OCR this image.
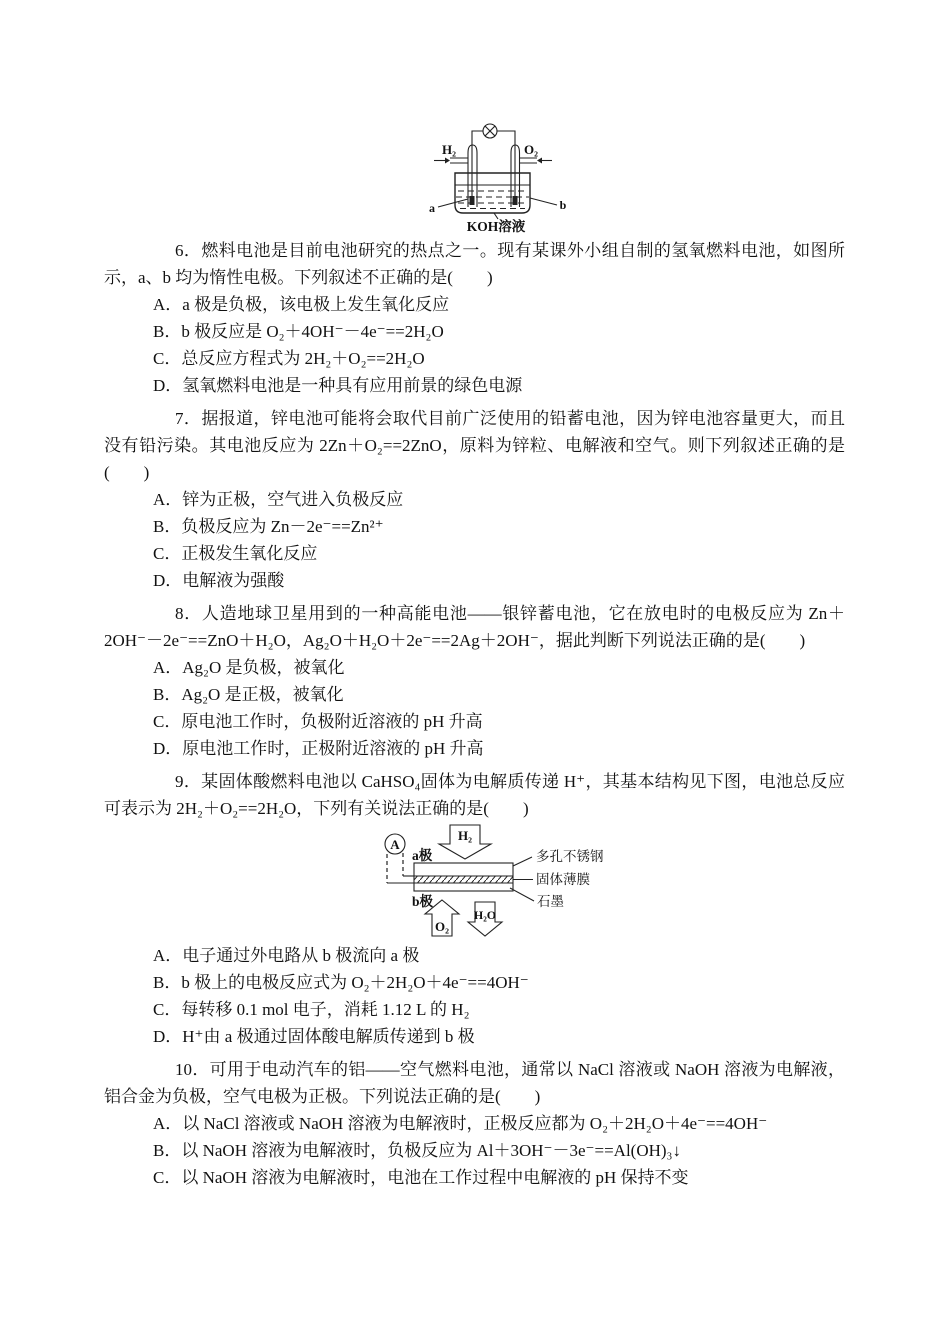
H₂	O₂
a	b
KOH溶液

6．燃料电池是目前电池研究的热点之一。现有某课外小组自制的氢氧燃料电池，如图所示，a、b 均为惰性电极。下列叙述不正确的是(　　)

A．a 极是负极，该电极上发生氧化反应

B．b 极反应是 O₂＋4OH⁻－4e⁻==2H₂O

C．总反应方程式为 2H₂＋O₂==2H₂O

D．氢氧燃料电池是一种具有应用前景的绿色电源

7．据报道，锌电池可能将会取代目前广泛使用的铅蓄电池，因为锌电池容量更大，而且没有铅污染。其电池反应为 2Zn＋O₂==2ZnO，原料为锌粒、电解液和空气。则下列叙述正确的是(　　)

A．锌为正极，空气进入负极反应

B．负极反应为 Zn－2e⁻==Zn²⁺

C．正极发生氧化反应

D．电解液为强酸

8．人造地球卫星用到的一种高能电池——银锌蓄电池，它在放电时的电极反应为 Zn＋2OH⁻－2e⁻==ZnO＋H₂O，Ag₂O＋H₂O＋2e⁻==2Ag＋2OH⁻，据此判断下列说法正确的是(　　)

A．Ag₂O 是负极，被氧化

B．Ag₂O 是正极，被氧化

C．原电池工作时，负极附近溶液的 pH 升高

D．原电池工作时，正极附近溶液的 pH 升高

9．某固体酸燃料电池以 CaHSO₄固体为电解质传递 H⁺，其基本结构见下图，电池总反应可表示为 2H₂＋O₂==2H₂O，下列有关说法正确的是(　　)

H₂
A
a极	多孔不锈钢
固体薄膜
石墨
b极
O₂
H₂O

A．电子通过外电路从 b 极流向 a 极

B．b 极上的电极反应式为 O₂＋2H₂O＋4e⁻==4OH⁻

C．每转移 0.1 mol 电子，消耗 1.12 L 的 H₂

D．H⁺由 a 极通过固体酸电解质传递到 b 极

10．可用于电动汽车的铝——空气燃料电池，通常以 NaCl 溶液或 NaOH 溶液为电解液，铝合金为负极，空气电极为正极。下列说法正确的是(　　)

A．以 NaCl 溶液或 NaOH 溶液为电解液时，正极反应都为 O₂＋2H₂O＋4e⁻==4OH⁻

B．以 NaOH 溶液为电解液时，负极反应为 Al＋3OH⁻－3e⁻==Al(OH)₃↓

C．以 NaOH 溶液为电解液时，电池在工作过程中电解液的 pH 保持不变
